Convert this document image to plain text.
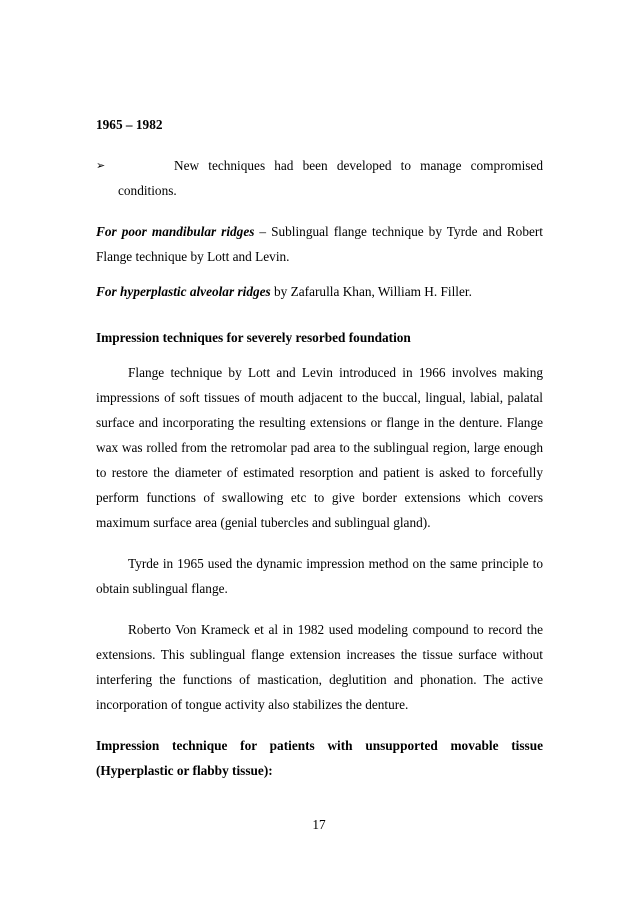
1965 – 1982

➢	New techniques had been developed to manage compromised conditions.

For poor mandibular ridges – Sublingual flange technique by Tyrde and Robert Flange technique by Lott and Levin.

For hyperplastic alveolar ridges by Zafarulla Khan, William H. Filler.

Impression techniques for severely resorbed foundation

Flange technique by Lott and Levin introduced in 1966 involves making impressions of soft tissues of mouth adjacent to the buccal, lingual, labial, palatal surface and incorporating the resulting extensions or flange in the denture. Flange wax was rolled from the retromolar pad area to the sublingual region, large enough to restore the diameter of estimated resorption and patient is asked to forcefully perform functions of swallowing etc to give border extensions which covers maximum surface area (genial tubercles and sublingual gland).

Tyrde in 1965 used the dynamic impression method on the same principle to obtain sublingual flange.

Roberto Von Krameck et al in 1982 used modeling compound to record the extensions. This sublingual flange extension increases the tissue surface without interfering the functions of mastication, deglutition and phonation. The active incorporation of tongue activity also stabilizes the denture.

Impression technique for patients with unsupported movable tissue (Hyperplastic or flabby tissue):

17
